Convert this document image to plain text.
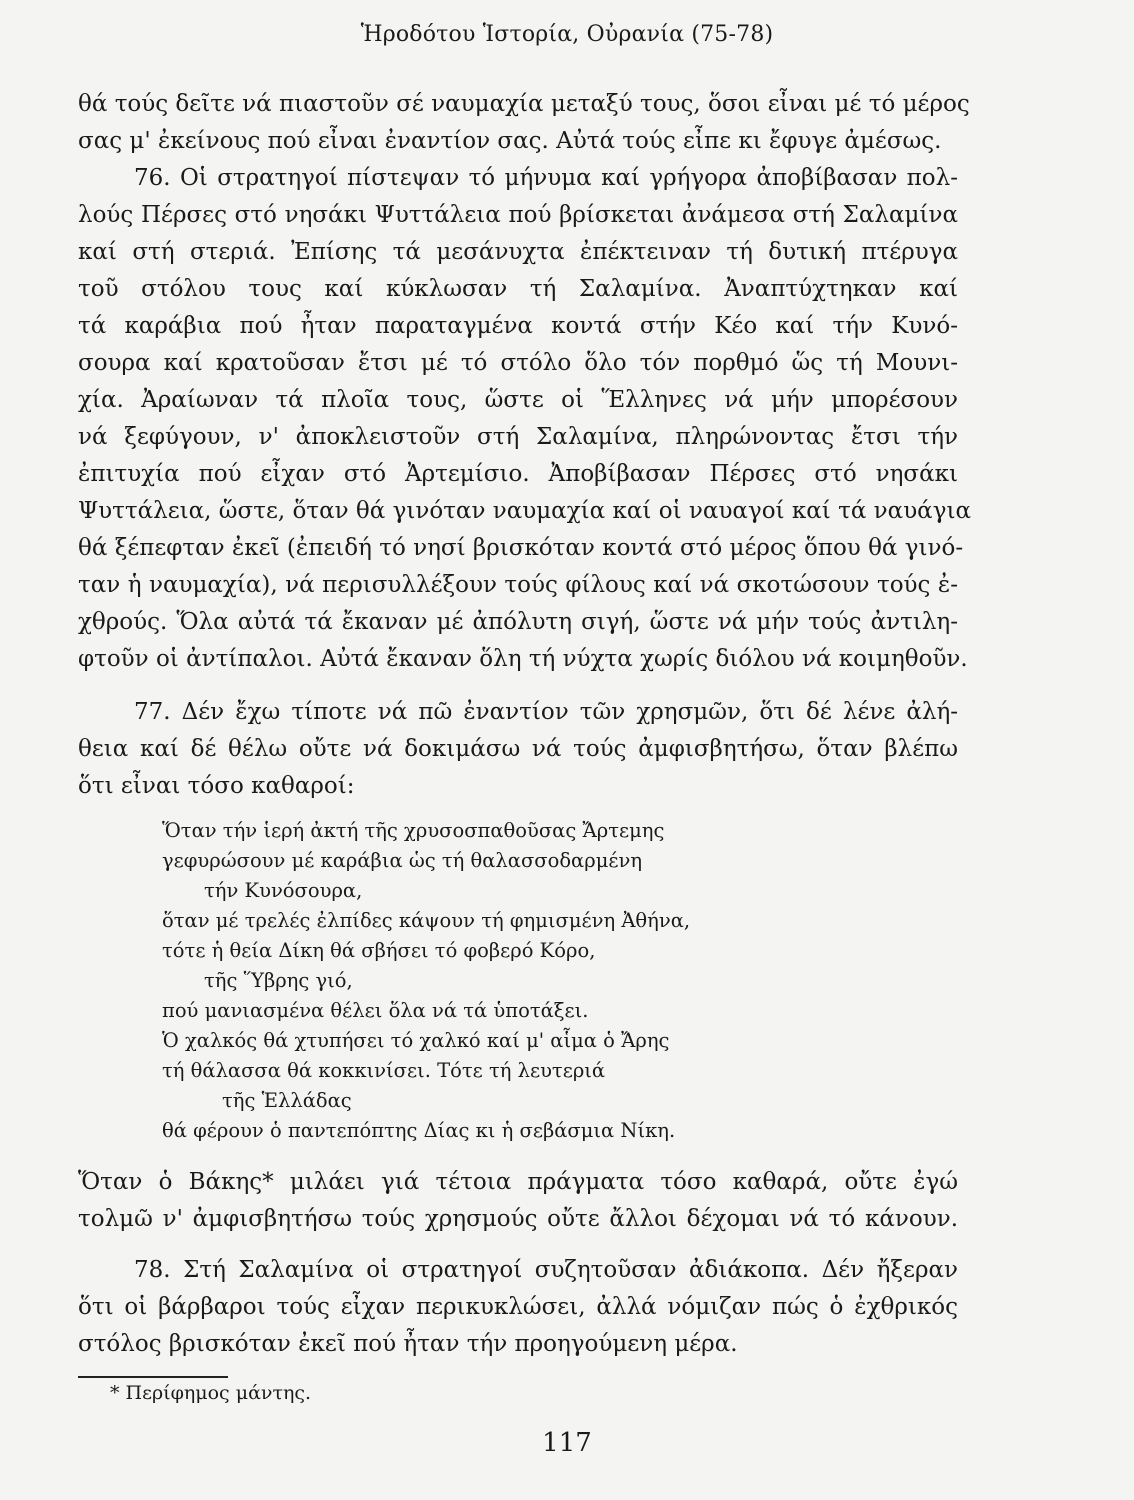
Ἡροδότου Ἱστορία, Οὐρανία (75-78)
θά τούς δεῖτε νά πιαστοῦν σέ ναυμαχία μεταξύ τους, ὅσοι εἶναι μέ τό μέρος
σας μ' ἐκείνους πού εἶναι ἐναντίον σας. Αὐτά τούς εἶπε κι ἔφυγε ἀμέσως.
76. Οἱ στρατηγοί πίστεψαν τό μήνυμα καί γρήγορα ἀποβίβασαν πολ-
λούς Πέρσες στό νησάκι Ψυττάλεια πού βρίσκεται ἀνάμεσα στή Σαλαμίνα
καί στή στεριά. Ἐπίσης τά μεσάνυχτα ἐπέκτειναν τή δυτική πτέρυγα
τοῦ στόλου τους καί κύκλωσαν τή Σαλαμίνα. Ἀναπτύχτηκαν καί
τά καράβια πού ἦταν παραταγμένα κοντά στήν Κέο καί τήν Κυνό-
σουρα καί κρατοῦσαν ἔτσι μέ τό στόλο ὅλο τόν πορθμό ὥς τή Μουνι-
χία. Ἀραίωναν τά πλοῖα τους, ὥστε οἱ Ἕλληνες νά μήν μπορέσουν
νά ξεφύγουν, ν' ἀποκλειστοῦν στή Σαλαμίνα, πληρώνοντας ἔτσι τήν
ἐπιτυχία πού εἶχαν στό Ἀρτεμίσιο. Ἀποβίβασαν Πέρσες στό νησάκι
Ψυττάλεια, ὥστε, ὅταν θά γινόταν ναυμαχία καί οἱ ναυαγοί καί τά ναυάγια
θά ξέπεφταν ἐκεῖ (ἐπειδή τό νησί βρισκόταν κοντά στό μέρος ὅπου θά γινό-
ταν ἡ ναυμαχία), νά περισυλλέξουν τούς φίλους καί νά σκοτώσουν τούς ἐ-
χθρούς. Ὅλα αὐτά τά ἔκαναν μέ ἀπόλυτη σιγή, ὥστε νά μήν τούς ἀντιλη-
φτοῦν οἱ ἀντίπαλοι. Αὐτά ἔκαναν ὅλη τή νύχτα χωρίς διόλου νά κοιμηθοῦν.
77. Δέν ἔχω τίποτε νά πῶ ἐναντίον τῶν χρησμῶν, ὅτι δέ λένε ἀλή-
θεια καί δέ θέλω οὔτε νά δοκιμάσω νά τούς ἀμφισβητήσω, ὅταν βλέπω
ὅτι εἶναι τόσο καθαροί:
Ὅταν τήν ἱερή ἀκτή τῆς χρυσοσπαθοῦσας Ἄρτεμης
γεφυρώσουν μέ καράβια ὡς τή θαλασσοδαρμένη
τήν Κυνόσουρα,
ὅταν μέ τρελές ἐλπίδες κάψουν τή φημισμένη Ἀθήνα,
τότε ἡ θεία Δίκη θά σβήσει τό φοβερό Κόρο,
τῆς Ὕβρης γιό,
πού μανιασμένα θέλει ὅλα νά τά ὑποτάξει.
Ὁ χαλκός θά χτυπήσει τό χαλκό καί μ' αἷμα ὁ Ἄρης
τή θάλασσα θά κοκκινίσει. Τότε τή λευτεριά
τῆς Ἑλλάδας
θά φέρουν ὁ παντεπόπτης Δίας κι ἡ σεβάσμια Νίκη.
Ὅταν ὁ Βάκης* μιλάει γιά τέτοια πράγματα τόσο καθαρά, οὔτε ἐγώ
τολμῶ ν' ἀμφισβητήσω τούς χρησμούς οὔτε ἄλλοι δέχομαι νά τό κάνουν.
78. Στή Σαλαμίνα οἱ στρατηγοί συζητοῦσαν ἀδιάκοπα. Δέν ἤξεραν
ὅτι οἱ βάρβαροι τούς εἶχαν περικυκλώσει, ἀλλά νόμιζαν πώς ὁ ἐχθρικός
στόλος βρισκόταν ἐκεῖ πού ἦταν τήν προηγούμενη μέρα.
* Περίφημος μάντης.
117
